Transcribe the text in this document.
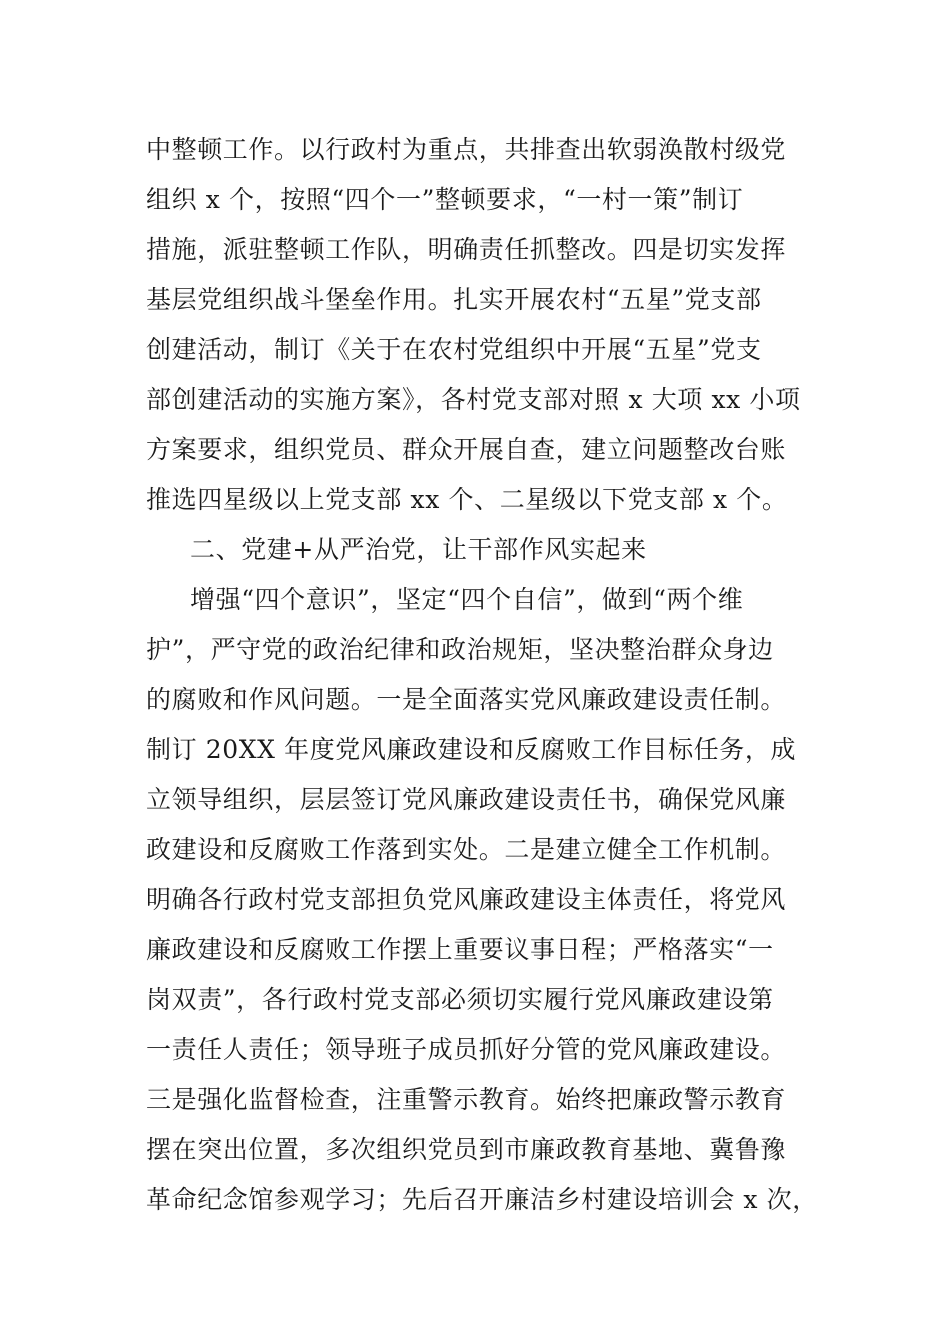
中整顿工作。以行政村为重点，共排查出软弱涣散村级党
组织 x 个，按照“四个一”整顿要求，“一村一策”制订
措施，派驻整顿工作队，明确责任抓整改。四是切实发挥
基层党组织战斗堡垒作用。扎实开展农村“五星”党支部
创建活动，制订《关于在农村党组织中开展“五星”党支
部创建活动的实施方案》，各村党支部对照 x 大项 xx 小项
方案要求，组织党员、群众开展自查，建立问题整改台账
推选四星级以上党支部 xx 个、二星级以下党支部 x 个。
二、党建+从严治党，让干部作风实起来
增强“四个意识”，坚定“四个自信”，做到“两个维
护”，严守党的政治纪律和政治规矩，坚决整治群众身边
的腐败和作风问题。一是全面落实党风廉政建设责任制。
制订 20XX 年度党风廉政建设和反腐败工作目标任务，成
立领导组织，层层签订党风廉政建设责任书，确保党风廉
政建设和反腐败工作落到实处。二是建立健全工作机制。
明确各行政村党支部担负党风廉政建设主体责任，将党风
廉政建设和反腐败工作摆上重要议事日程；严格落实“一
岗双责”，各行政村党支部必须切实履行党风廉政建设第
一责任人责任；领导班子成员抓好分管的党风廉政建设。
三是强化监督检查，注重警示教育。始终把廉政警示教育
摆在突出位置，多次组织党员到市廉政教育基地、冀鲁豫
革命纪念馆参观学习；先后召开廉洁乡村建设培训会 x 次，
